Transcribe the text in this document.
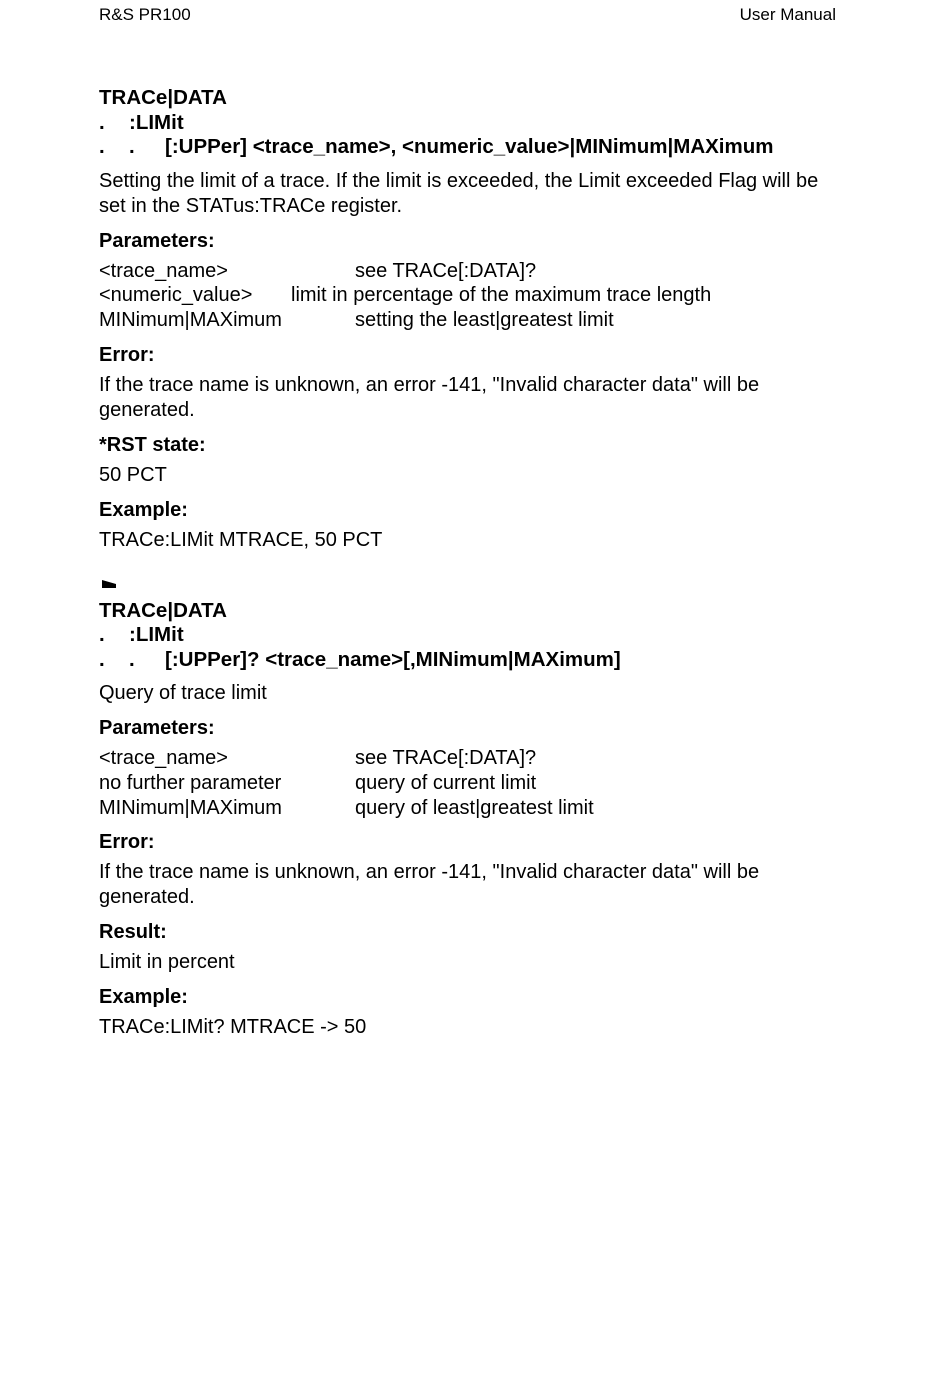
R&S PR100	User Manual
TRACe|DATA
. :LIMit
. . [:UPPer] <trace_name>, <numeric_value>|MINimum|MAXimum
Setting the limit of a trace. If the limit is exceeded, the Limit exceeded Flag will be set in the STATus:TRACe register.
Parameters:
<trace_name>	see TRACe[:DATA]?
<numeric_value> limit in percentage of the maximum trace length
MINimum|MAXimum	setting the least|greatest limit
Error:
If the trace name is unknown, an error -141, "Invalid character data" will be generated.
*RST state:
50 PCT
Example:
TRACe:LIMit MTRACE, 50 PCT
TRACe|DATA
. :LIMit
. . [:UPPer]? <trace_name>[,MINimum|MAXimum]
Query of trace limit
Parameters:
<trace_name>	see TRACe[:DATA]?
no further parameter	query of current limit
MINimum|MAXimum	query of least|greatest limit
Error:
If the trace name is unknown, an error -141, "Invalid character data" will be generated.
Result:
Limit in percent
Example:
TRACe:LIMit? MTRACE -> 50
